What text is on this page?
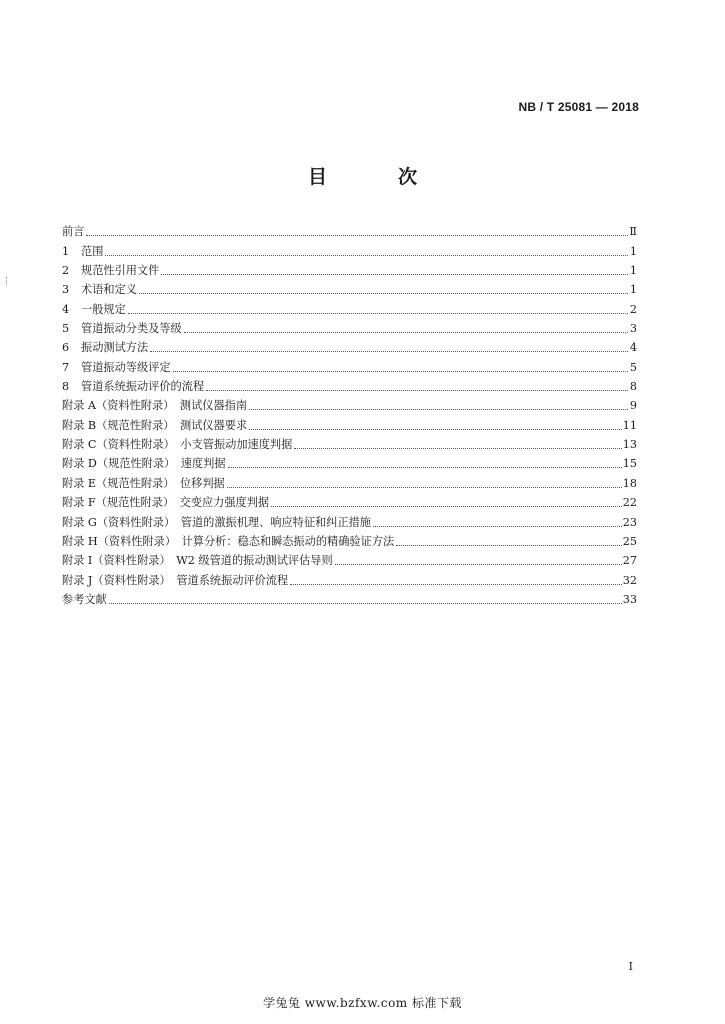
NB / T 25081 — 2018
目　次
前言	Ⅱ
1	范围	1
2	规范性引用文件	1
3	术语和定义	1
4	一般规定	2
5	管道振动分类及等级	3
6	振动测试方法	4
7	管道振动等级评定	5
8	管道系统振动评价的流程	8
附录 A（资料性附录）　测试仪器指南	9
附录 B（规范性附录）　测试仪器要求	11
附录 C（资料性附录）　小支管振动加速度判据	13
附录 D（规范性附录）　速度判据	15
附录 E（规范性附录）　位移判据	18
附录 F（规范性附录）　交变应力强度判据	22
附录 G（资料性附录）　管道的激振机理、响应特征和纠正措施	23
附录 H（资料性附录）　计算分析：稳态和瞬态振动的精确验证方法	25
附录 I（资料性附录）　W2 级管道的振动测试评估导则	27
附录 J（资料性附录）　管道系统振动评价流程	32
参考文献	33
I
学兔兔 www.bzfxw.com 标准下载
